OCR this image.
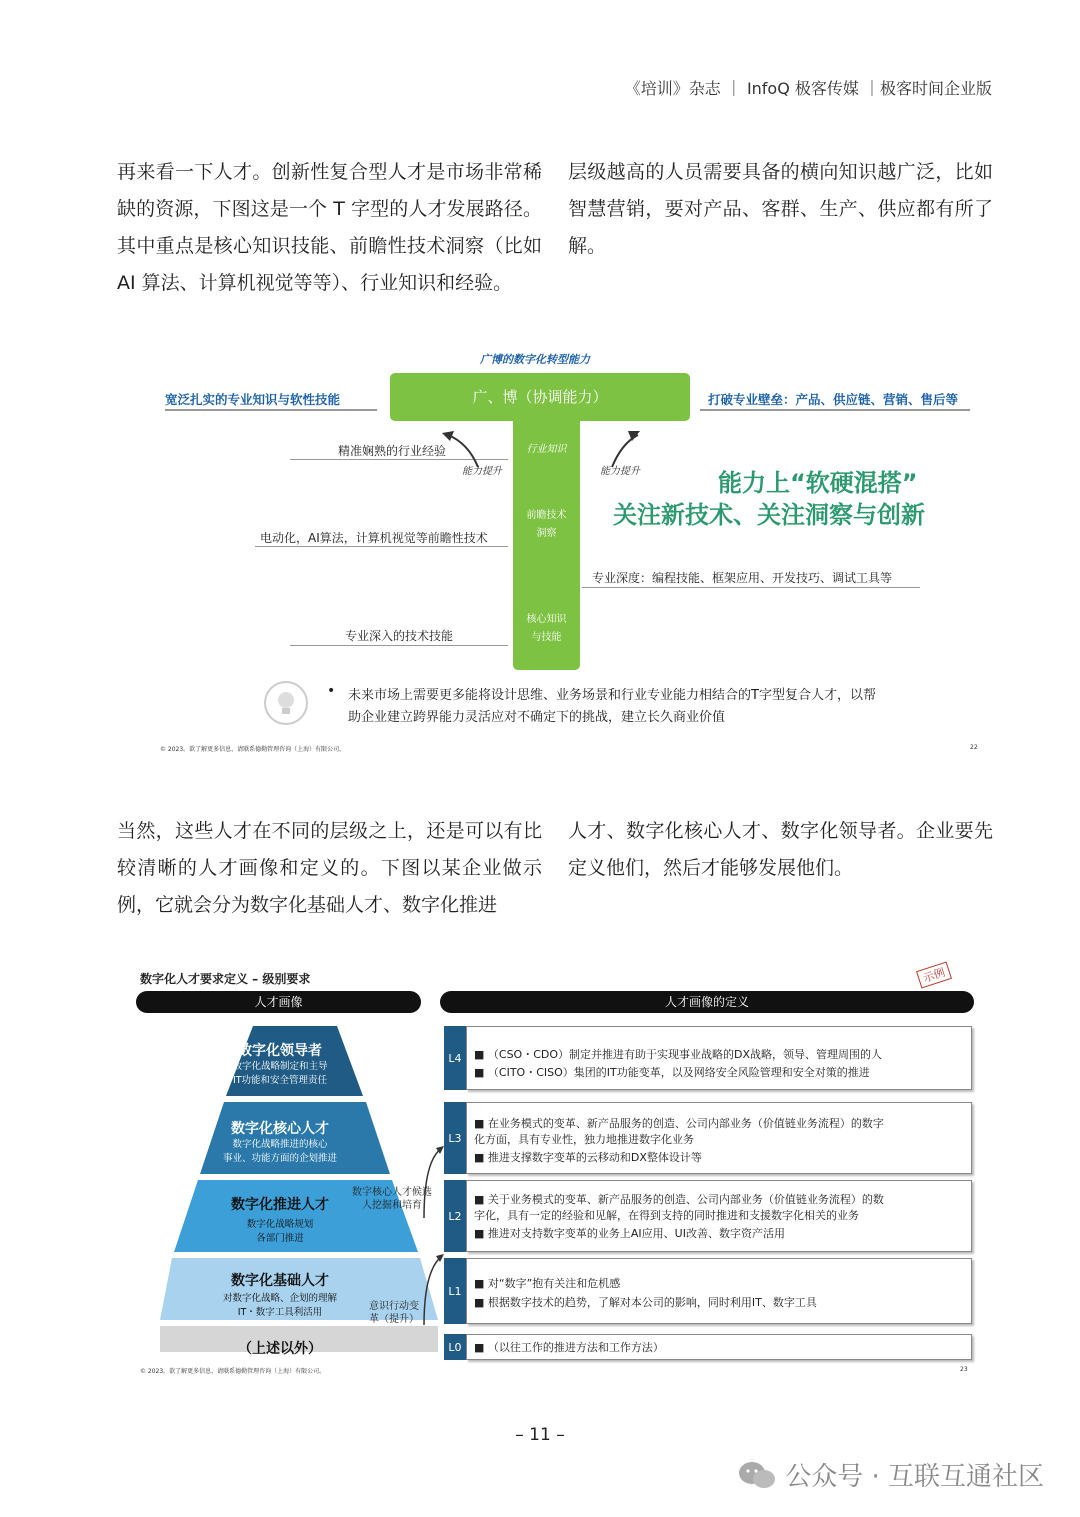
《培训》杂志 ｜ InfoQ 极客传媒 ｜极客时间企业版
再来看一下人才。创新性复合型人才是市场非常稀缺的资源，下图这是一个 T 字型的人才发展路径。其中重点是核心知识技能、前瞻性技术洞察（比如 AI 算法、计算机视觉等等）、行业知识和经验。
层级越高的人员需要具备的横向知识越广泛，比如智慧营销，要对产品、客群、生产、供应都有所了解。
广博的数字化转型能力
广、博（协调能力）
宽泛扎实的专业知识与软性技能	打破专业壁垒：产品、供应链、营销、售后等
行业知识
前瞻技术洞察
核心知识与技能
精准娴熟的行业经验
电动化，AI算法，计算机视觉等前瞻性技术
专业深入的技术技能
能力提升	能力提升	能力上“软硬混搭”
关注新技术、关注洞察与创新
专业深度：编程技能、框架应用、开发技巧、调试工具等
• 未来市场上需要更多能将设计思维、业务场景和行业专业能力相结合的T字型复合人才，以帮助企业建立跨界能力灵活应对不确定下的挑战，建立长久商业价值
© 2023。欲了解更多信息，请联系德勤管理咨询（上海）有限公司。	22
当然，这些人才在不同的层级之上，还是可以有比较清晰的人才画像和定义的。下图以某企业做示例，它就会分为数字化基础人才、数字化推进
人才、数字化核心人才、数字化领导者。企业要先定义他们，然后才能够发展他们。
数字化人才要求定义 – 级别要求	示例
人才画像	人才画像的定义
数字化领导者
数字化战略制定和主导
IT功能和安全管理责任
数字化核心人才
数字化战略推进的核心
事业、功能方面的企划推进
数字化推进人才
数字化战略规划
各部门推进
数字化基础人才
对数字化战略、企划的理解
IT・数字工具利活用
（上述以外）
数字核心人才候选人挖掘和培育
意识行动变革（提升）
L4	■ （CSO・CDO）制定并推进有助于实现事业战略的DX战略，领导、管理周围的人
■ （CITO・CISO）集团的IT功能变革，以及网络安全风险管理和安全对策的推进
L3
■ 在业务模式的变革、新产品服务的创造、公司内部业务（价值链业务流程）的数字
化方面，具有专业性，独力地推进数字化业务
■ 推进支撑数字变革的云移动和DX整体设计等
L2
■ 关于业务模式的变革、新产品服务的创造、公司内部业务（价值链业务流程）的数
字化，具有一定的经验和见解，在得到支持的同时推进和支援数字化相关的业务
■ 推进对支持数字变革的业务上AI应用、UI改善、数字资产活用
L1
■ 对“数字”抱有关注和危机感
■ 根据数字技术的趋势，了解对本公司的影响，同时利用IT、数字工具
L0	■ （以往工作的推进方法和工作方法）
© 2023。欲了解更多信息，请联系德勤管理咨询（上海）有限公司。	23
– 11 –
公众号 · 互联互通社区
